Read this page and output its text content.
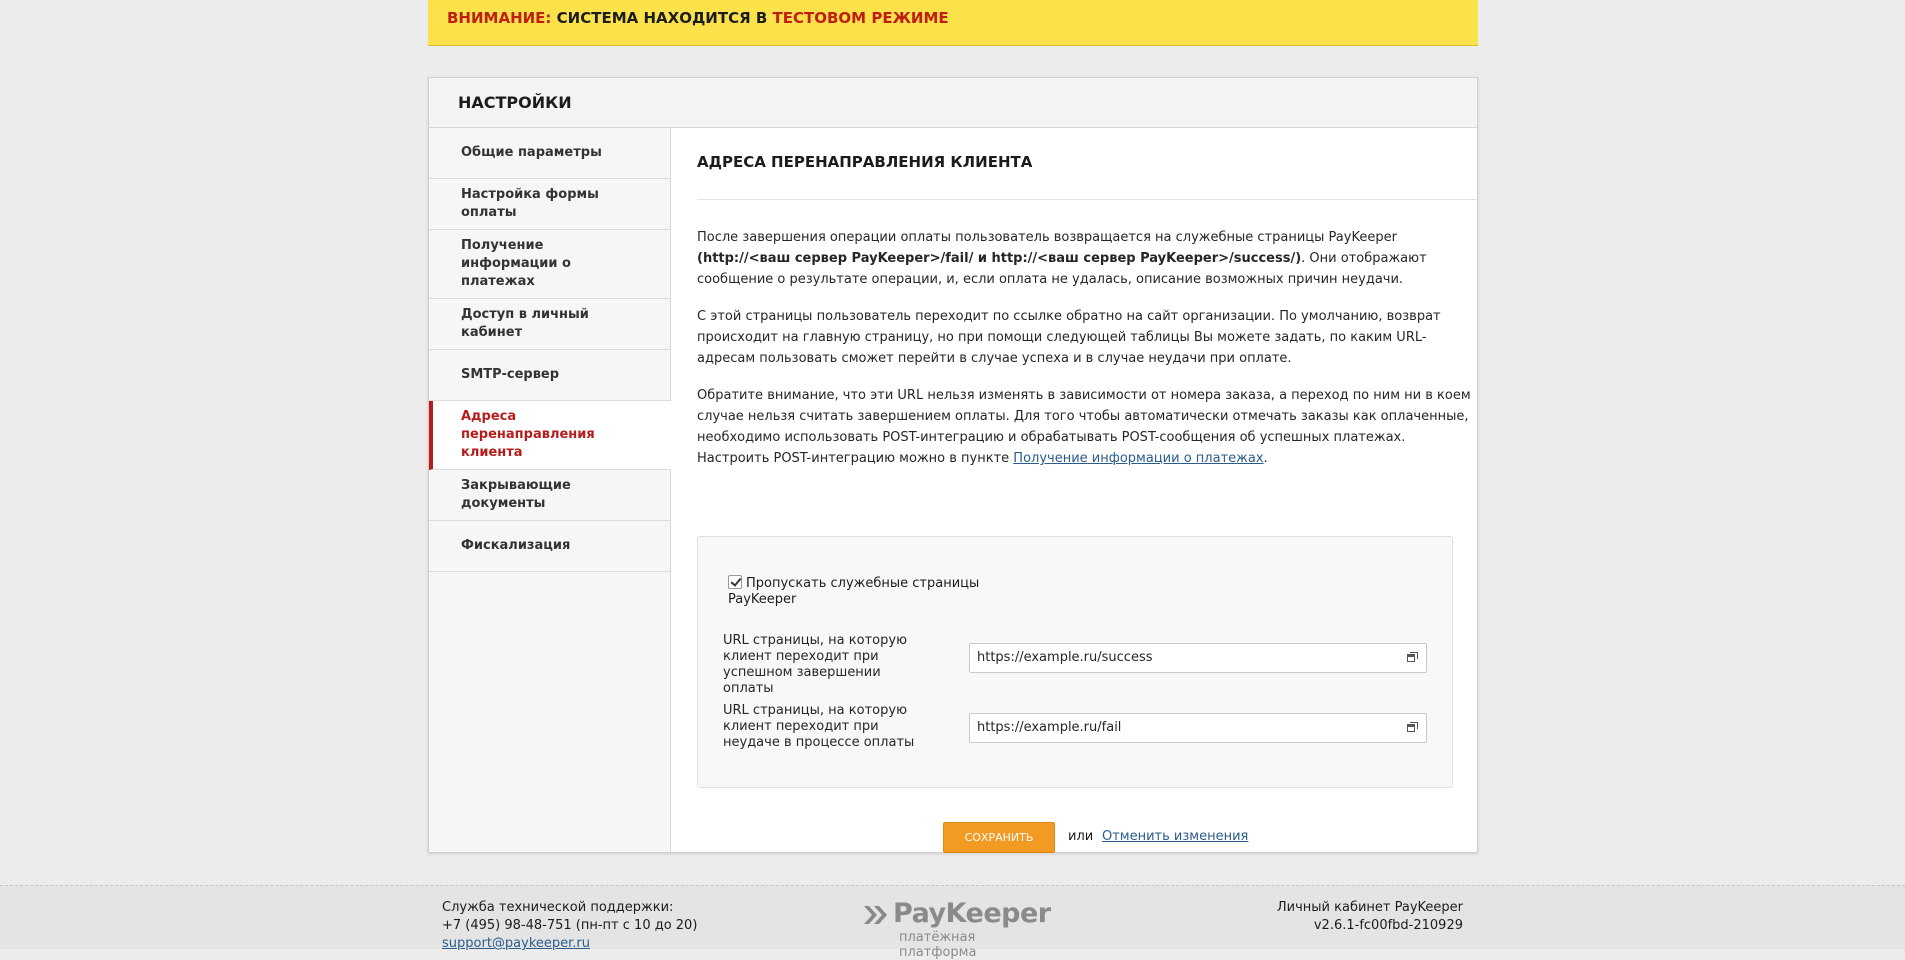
ВНИМАНИЕ: СИСТЕМА НАХОДИТСЯ В ТЕСТОВОМ РЕЖИМЕ
НАСТРОЙКИ
Общие параметры
Настройка формы оплаты
Получение информации о платежах
Доступ в личный кабинет
SMTP-сервер
Адреса перенаправления клиента
Закрывающие документы
Фискализация
АДРЕСА ПЕРЕНАПРАВЛЕНИЯ КЛИЕНТА

После завершения операции оплаты пользователь возвращается на служебные страницы PayKeeper (http://<ваш сервер PayKeeper>/fail/ и http://<ваш сервер PayKeeper>/success/). Они отображают сообщение о результате операции, и, если оплата не удалась, описание возможных причин неудачи.

С этой страницы пользователь переходит по ссылке обратно на сайт организации. По умолчанию, возврат происходит на главную страницу, но при помощи следующей таблицы Вы можете задать, по каким URL-адресам пользовать сможет перейти в случае успеха и в случае неудачи при оплате.

Обратите внимание, что эти URL нельзя изменять в зависимости от номера заказа, а переход по ним ни в коем случае нельзя считать завершением оплаты. Для того чтобы автоматически отмечать заказы как оплаченные, необходимо использовать POST-интеграцию и обрабатывать POST-сообщения об успешных платежах. Настроить POST-интеграцию можно в пункте Получение информации о платежах.

Пропускать служебные страницы PayKeeper
URL страницы, на которую клиент переходит при успешном завершении оплаты
https://example.ru/success
URL страницы, на которую клиент переходит при неудаче в процессе оплаты
https://example.ru/fail
СОХРАНИТЬ	или Отменить изменения
Служба технической поддержки:
+7 (495) 98-48-751 (пн-пт с 10 до 20)
support@paykeeper.ru
PayKeeper
платёжная платформа
Личный кабинет PayKeeper
v2.6.1-fc00fbd-210929
